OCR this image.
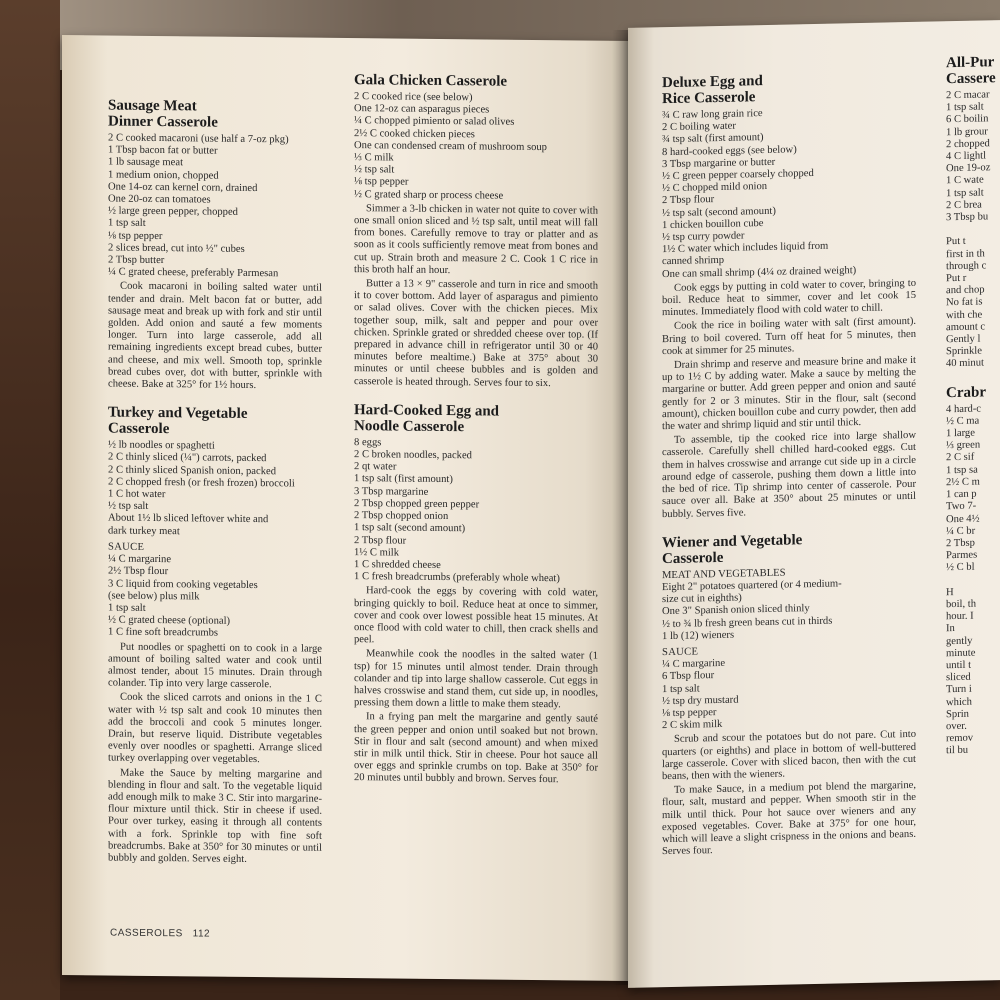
Sausage Meat
Dinner Casserole
2 C cooked macaroni (use half a 7-oz pkg)
1 Tbsp bacon fat or butter
1 lb sausage meat
1 medium onion, chopped
One 14-oz can kernel corn, drained
One 20-oz can tomatoes
½ large green pepper, chopped
1 tsp salt
⅛ tsp pepper
2 slices bread, cut into ½" cubes
2 Tbsp butter
¼ C grated cheese, preferably Parmesan

Cook macaroni in boiling salted water until tender and drain. Melt bacon fat or butter, add sausage meat and break up with fork and stir until golden. Add onion and sauté a few moments longer. Turn into large casserole, add all remaining ingredients except bread cubes, butter and cheese, and mix well. Smooth top, sprinkle bread cubes over, dot with butter, sprinkle with cheese. Bake at 325° for 1½ hours.

Turkey and Vegetable
Casserole
½ lb noodles or spaghetti
2 C thinly sliced (¼") carrots, packed
2 C thinly sliced Spanish onion, packed
2 C chopped fresh (or fresh frozen) broccoli
1 C hot water
½ tsp salt
About 1½ lb sliced leftover white and
dark turkey meat
SAUCE
¼ C margarine
2½ Tbsp flour
3 C liquid from cooking vegetables
(see below) plus milk
1 tsp salt
½ C grated cheese (optional)
1 C fine soft breadcrumbs

Put noodles or spaghetti on to cook in a large amount of boiling salted water and cook until almost tender, about 15 minutes. Drain through colander. Tip into very large casserole.

Cook the sliced carrots and onions in the 1 C water with ½ tsp salt and cook 10 minutes then add the broccoli and cook 5 minutes longer. Drain, but reserve liquid. Distribute vegetables evenly over noodles or spaghetti. Arrange sliced turkey overlapping over vegetables.

Make the Sauce by melting margarine and blending in flour and salt. To the vegetable liquid add enough milk to make 3 C. Stir into margarine-flour mixture until thick. Stir in cheese if used. Pour over turkey, easing it through all contents with a fork. Sprinkle top with fine soft breadcrumbs. Bake at 350° for 30 minutes or until bubbly and golden. Serves eight.

Gala Chicken Casserole
2 C cooked rice (see below)
One 12-oz can asparagus pieces
¼ C chopped pimiento or salad olives
2½ C cooked chicken pieces
One can condensed cream of mushroom soup
⅓ C milk
½ tsp salt
⅛ tsp pepper
½ C grated sharp or process cheese

Simmer a 3-lb chicken in water not quite to cover with one small onion sliced and ½ tsp salt, until meat will fall from bones. Carefully remove to tray or platter and as soon as it cools sufficiently remove meat from bones and cut up. Strain broth and measure 2 C. Cook 1 C rice in this broth half an hour.

Butter a 13 × 9" casserole and turn in rice and smooth it to cover bottom. Add layer of asparagus and pimiento or salad olives. Cover with the chicken pieces. Mix together soup, milk, salt and pepper and pour over chicken. Sprinkle grated or shredded cheese over top. (If prepared in advance chill in refrigerator until 30 or 40 minutes before mealtime.) Bake at 375° about 30 minutes or until cheese bubbles and is golden and casserole is heated through. Serves four to six.

Hard-Cooked Egg and
Noodle Casserole
8 eggs
2 C broken noodles, packed
2 qt water
1 tsp salt (first amount)
3 Tbsp margarine
2 Tbsp chopped green pepper
2 Tbsp chopped onion
1 tsp salt (second amount)
2 Tbsp flour
1½ C milk
1 C shredded cheese
1 C fresh breadcrumbs (preferably whole wheat)

Hard-cook the eggs by covering with cold water, bringing quickly to boil. Reduce heat at once to simmer, cover and cook over lowest possible heat 15 minutes. At once flood with cold water to chill, then crack shells and peel.

Meanwhile cook the noodles in the salted water (1 tsp) for 15 minutes until almost tender. Drain through colander and tip into large shallow casserole. Cut eggs in halves crosswise and stand them, cut side up, in noodles, pressing them down a little to make them steady.

In a frying pan melt the margarine and gently sauté the green pepper and onion until soaked but not brown. Stir in flour and salt (second amount) and when mixed stir in milk until thick. Stir in cheese. Pour hot sauce all over eggs and sprinkle crumbs on top. Bake at 350° for 20 minutes until bubbly and brown. Serves four.

CASSEROLES 112
Deluxe Egg and
Rice Casserole
¾ C raw long grain rice
2 C boiling water
¾ tsp salt (first amount)
8 hard-cooked eggs (see below)
3 Tbsp margarine or butter
½ C green pepper coarsely chopped
½ C chopped mild onion
2 Tbsp flour
½ tsp salt (second amount)
1 chicken bouillon cube
½ tsp curry powder
1½ C water which includes liquid from
canned shrimp
One can small shrimp (4¼ oz drained weight)

Cook eggs by putting in cold water to cover, bringing to boil. Reduce heat to simmer, cover and let cook 15 minutes. Immediately flood with cold water to chill.

Cook the rice in boiling water with salt (first amount). Bring to boil covered. Turn off heat for 5 minutes, then cook at simmer for 25 minutes.

Drain shrimp and reserve and measure brine and make it up to 1½ C by adding water. Make a sauce by melting the margarine or butter. Add green pepper and onion and sauté gently for 2 or 3 minutes. Stir in the flour, salt (second amount), chicken bouillon cube and curry powder, then add the water and shrimp liquid and stir until thick.

To assemble, tip the cooked rice into large shallow casserole. Carefully shell chilled hard-cooked eggs. Cut them in halves crosswise and arrange cut side up in a circle around edge of casserole, pushing them down a little into the bed of rice. Tip shrimp into center of casserole. Pour sauce over all. Bake at 350° about 25 minutes or until bubbly. Serves five.

Wiener and Vegetable
Casserole
MEAT AND VEGETABLES
Eight 2" potatoes quartered (or 4 medium-
size cut in eighths)
One 3" Spanish onion sliced thinly
½ to ¾ lb fresh green beans cut in thirds
1 lb (12) wieners
SAUCE
¼ C margarine
6 Tbsp flour
1 tsp salt
½ tsp dry mustard
⅛ tsp pepper
2 C skim milk

Scrub and scour the potatoes but do not pare. Cut into quarters (or eighths) and place in bottom of well-buttered large casserole. Cover with sliced bacon, then with the cut beans, then with the wieners.

To make Sauce, in a medium pot blend the margarine, flour, salt, mustard and pepper. When smooth stir in the milk until thick. Pour hot sauce over wieners and any exposed vegetables. Cover. Bake at 375° for one hour, which will leave a slight crispness in the onions and beans. Serves four.

All-Pur
Cassere
2 C macar
1 tsp salt
6 C boilin
1 lb grour
2 chopped
4 C lightl
One 19-oz
1 C wate
1 tsp salt
2 C brea
3 Tbsp bu

Put t
first in th
through c
Put r
and chop
No fat is
with che
amount c
Gently l
Sprinkle
40 minut
Crabr
4 hard-c
½ C ma
1 large
⅓ green
2 C sif
1 tsp sa
2½ C m
1 can p
Two 7-
One 4½
¼ C br
2 Tbsp
Parmes
½ C bl

H
boil, th
hour. I
In
gently
minute
until t
sliced
Turn i
which
Sprin
over.
remov
til bu
